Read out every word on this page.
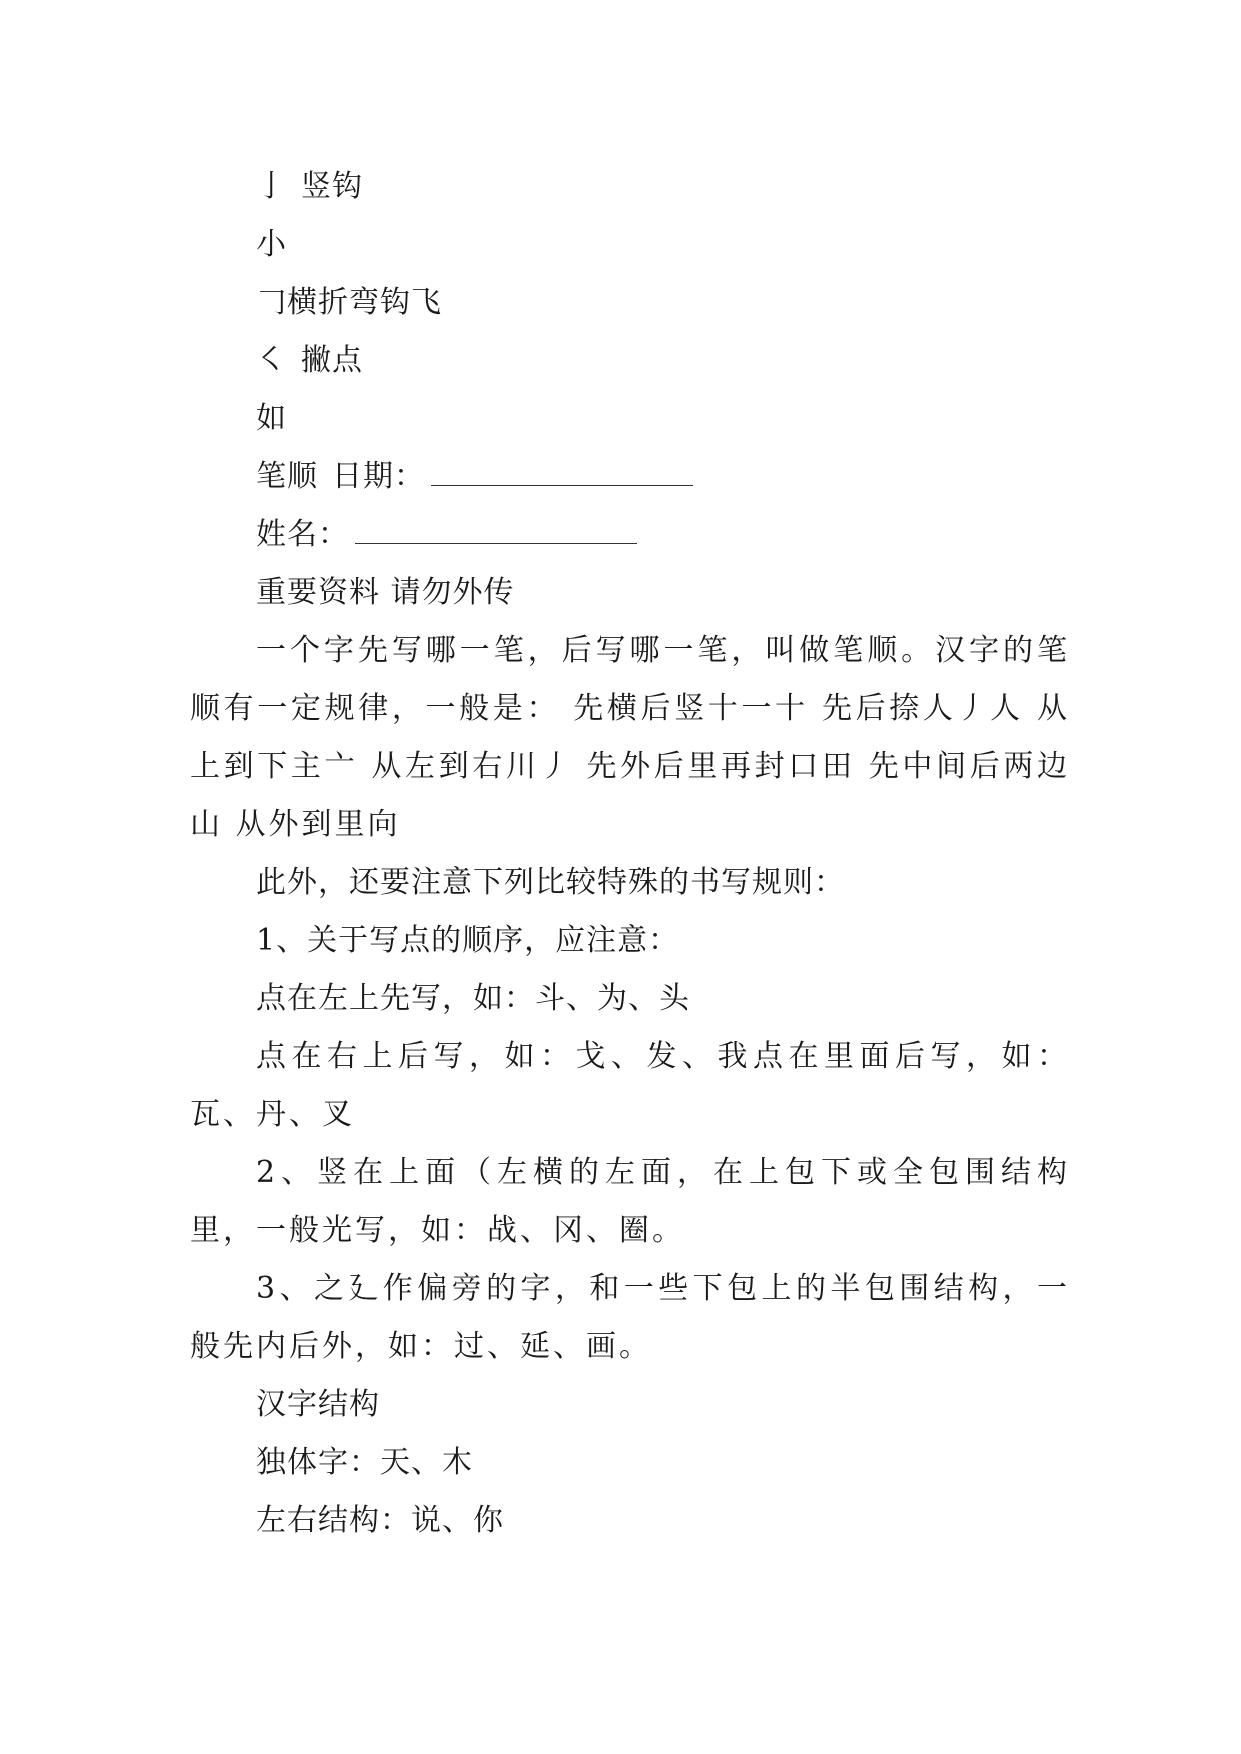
亅 竖钩
小
𠃌横折弯钩飞
㇛ 撇点
如
笔顺 日期：
姓名：
重要资料 请勿外传
一个字先写哪一笔，后写哪一笔，叫做笔顺。汉字的笔顺有一定规律，一般是： 先横后竖十一十 先后捺人丿人 从上到下主亠 从左到右川丿 先外后里再封口田 先中间后两边山 从外到里向
此外，还要注意下列比较特殊的书写规则：
1、关于写点的顺序，应注意：
点在左上先写，如：斗、为、头
点在右上后写，如：戈、发、我点在里面后写，如：瓦、丹、叉
2、竖在上面（左横的左面，在上包下或全包围结构里，一般光写，如：战、冈、圈。
3、之廴作偏旁的字，和一些下包上的半包围结构，一般先内后外，如：过、延、画。
汉字结构
独体字：天、木
左右结构：说、你
